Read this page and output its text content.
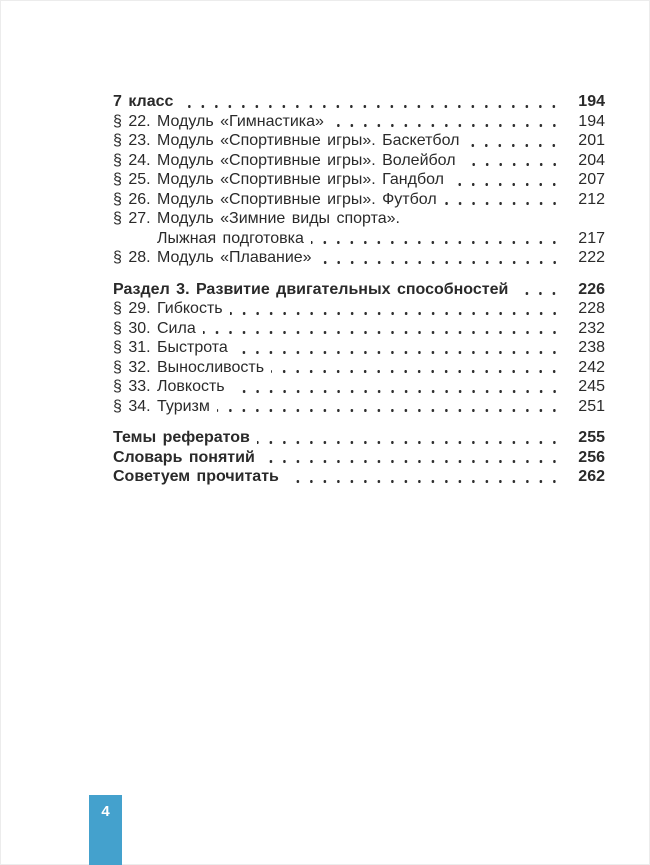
7 класс	194
§ 22. Модуль «Гимнастика»	194
§ 23. Модуль «Спортивные игры». Баскетбол	201
§ 24. Модуль «Спортивные игры». Волейбол	204
§ 25. Модуль «Спортивные игры». Гандбол	207
§ 26. Модуль «Спортивные игры». Футбол	212
§ 27. Модуль «Зимние виды спорта».
Лыжная подготовка	217
§ 28. Модуль «Плавание»	222
Раздел 3. Развитие двигательных способностей	226
§ 29. Гибкость	228
§ 30. Сила	232
§ 31. Быстрота	238
§ 32. Выносливость	242
§ 33. Ловкость	245
§ 34. Туризм	251
Темы рефератов	255
Словарь понятий	256
Советуем прочитать	262
4
